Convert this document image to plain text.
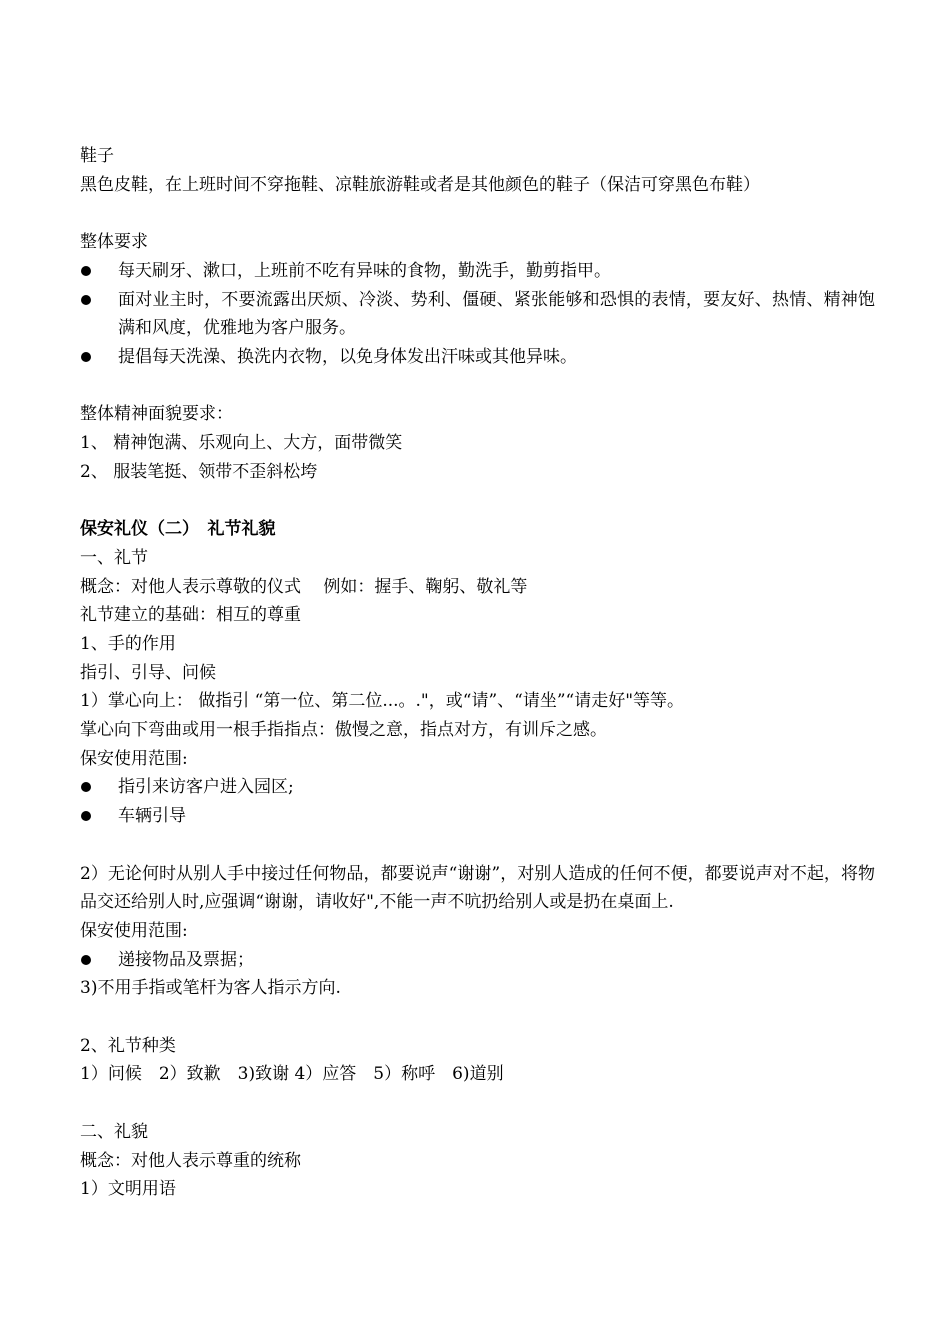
鞋子
黑色皮鞋，在上班时间不穿拖鞋、凉鞋旅游鞋或者是其他颜色的鞋子（保洁可穿黑色布鞋）
整体要求
每天刷牙、漱口，上班前不吃有异味的食物，勤洗手，勤剪指甲。
面对业主时，不要流露出厌烦、冷淡、势利、僵硬、紧张能够和恐惧的表情，要友好、热情、精神饱满和风度，优雅地为客户服务。
提倡每天洗澡、换洗内衣物，以免身体发出汗味或其他异味。
整体精神面貌要求：
1、 精神饱满、乐观向上、大方，面带微笑
2、 服装笔挺、领带不歪斜松垮
保安礼仪（二）　礼节礼貌
一、礼节
概念：对他人表示尊敬的仪式　 例如：握手、鞠躬、敬礼等
礼节建立的基础：相互的尊重
1、手的作用
指引、引导、问候
1）掌心向上： 做指引 “第一位、第二位...。."，或“请”、“请坐”“请走好"等等。
掌心向下弯曲或用一根手指指点：傲慢之意，指点对方，有训斥之感。
保安使用范围:
指引来访客户进入园区;
车辆引导
2）无论何时从别人手中接过任何物品，都要说声“谢谢”，对别人造成的任何不便，都要说声对不起，将物品交还给别人时,应强调“谢谢，请收好",不能一声不吭扔给别人或是扔在桌面上.
保安使用范围:
递接物品及票据；
3)不用手指或笔杆为客人指示方向.
2、礼节种类
1）问候　2）致歉　3)致谢 4）应答　5）称呼　6)道别
二、礼貌
概念：对他人表示尊重的统称
1）文明用语
